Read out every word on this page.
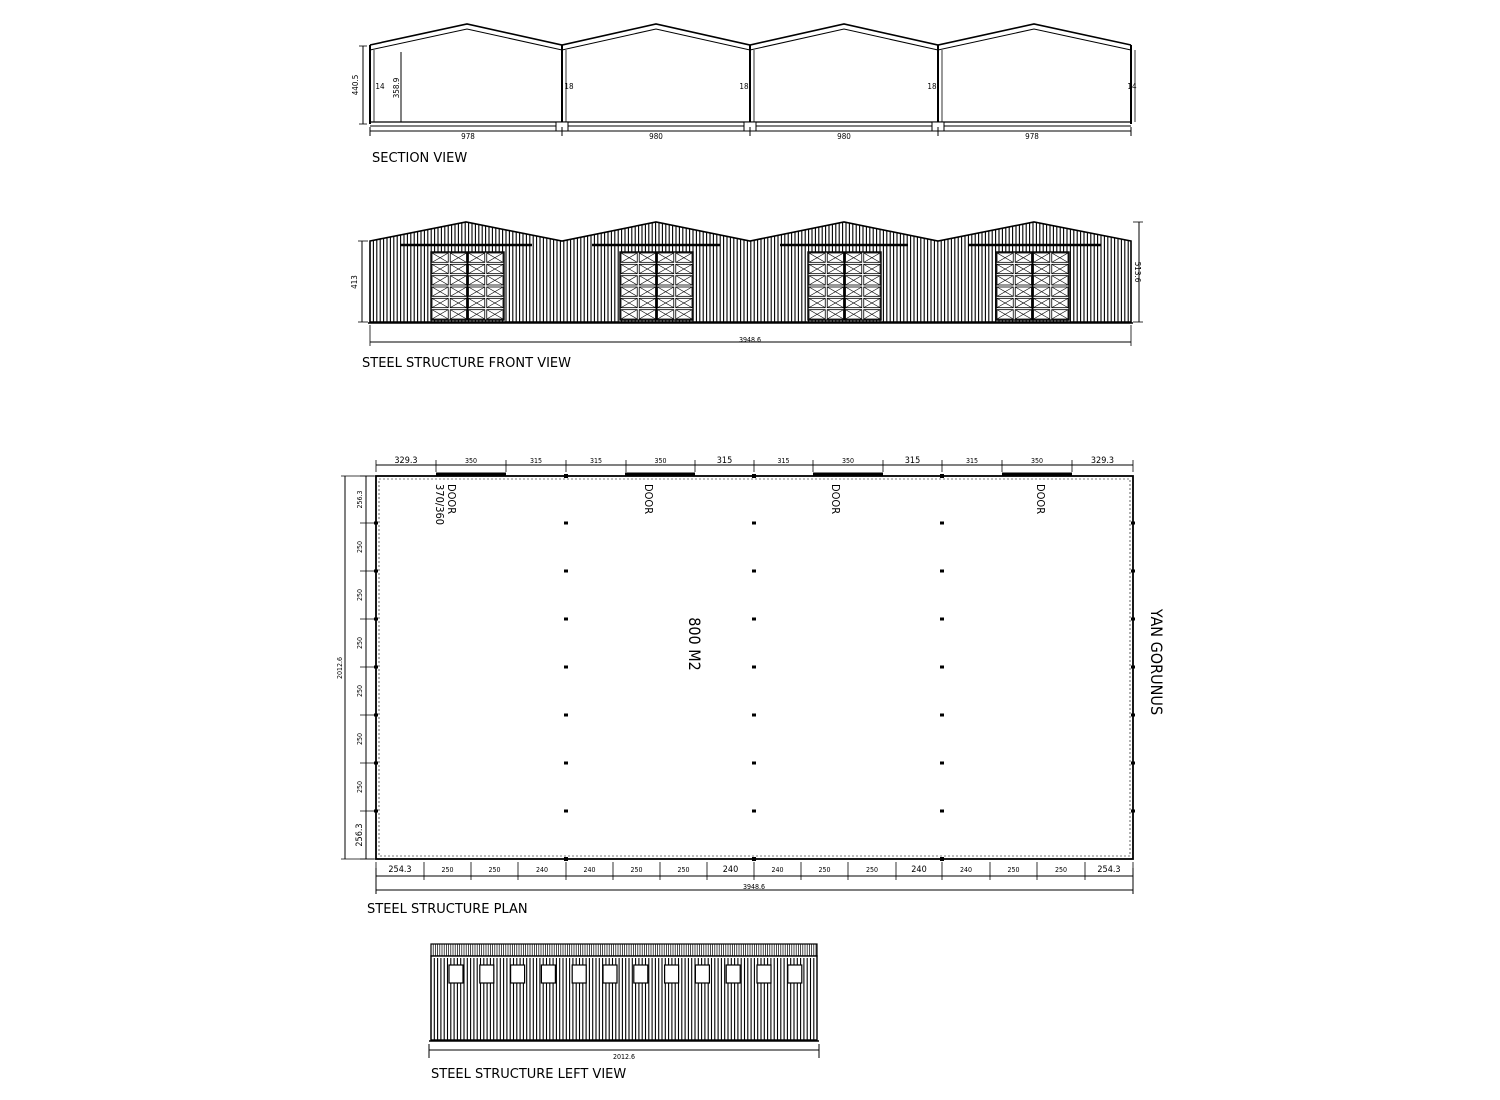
440.5	358.9
14	18	18	18	14
978	980	980	978
SECTION VIEW
413	513.6
3948.6
STEEL STRUCTURE FRONT VIEW
DOOR
370/360	DOOR	DOOR	DOOR
800 M2	YAN GORUNUS
329.3	350	315	315	350	315	315	350	315	315	350	329.3
254.3	250	250	240	240	250	250	240	240	250	250	240	240	250	250	254.3
256.3
250
250
250
250
250
250
256.3
3948.6
2012.6
STEEL STRUCTURE PLAN
2012.6
STEEL STRUCTURE LEFT VIEW
